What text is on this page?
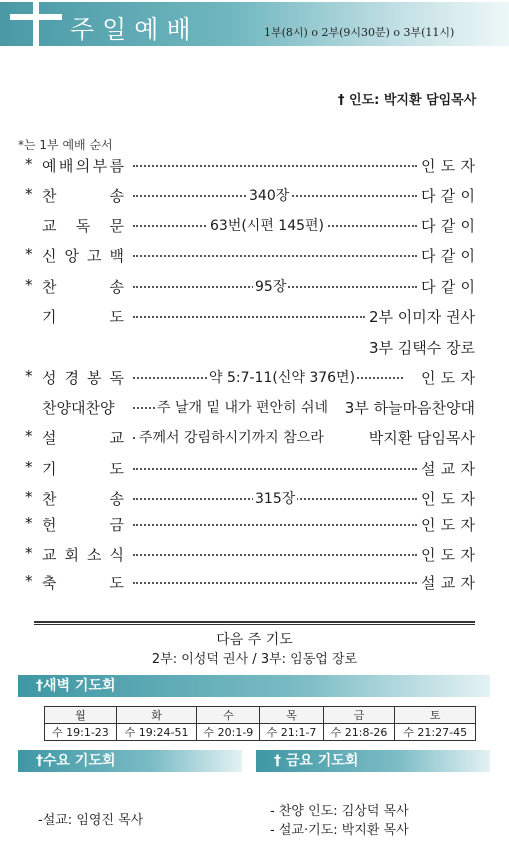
주일예배	1부(8시) ο 2부(9시30분) ο 3부(11시)
† 인도: 박지환 담임목사
*는 1부 예배 순서
* 예 배 의 부 름	인 도 자
* 찬	송	340장	다 같 이
교 독 문	63번(시편 145편)	다 같 이
* 신 앙 고 백	다 같 이
* 찬	송	95장	다 같 이
기	도	2부 이미자 권사
3부 김택수 장로
* 성 경 봉 독	약 5:7-11(신약 376면)	인 도 자
찬양대찬양	주 날개 밑 내가 편안히 쉬네 3부 하늘마음찬양대
* 설	교 주께서 강림하시기까지 참으라	박지환 담임목사
* 기	도	설 교 자
* 찬	송	315장	인 도 자
* 헌	금	인 도 자
* 교 회 소 식	인 도 자
* 축	도	설 교 자
다음 주 기도
2부: 이성덕 권사 / 3부: 임동업 장로
†새벽 기도회
월	화	수	목	금	토
수 19:1-23	수 19:24-51	수 20:1-9	수 21:1-7	수 21:8-26	수 21:27-45
†수요 기도회	† 금요 기도회
-설교: 임영진 목사
- 찬양 인도: 김상덕 목사
- 설교·기도: 박지환 목사
